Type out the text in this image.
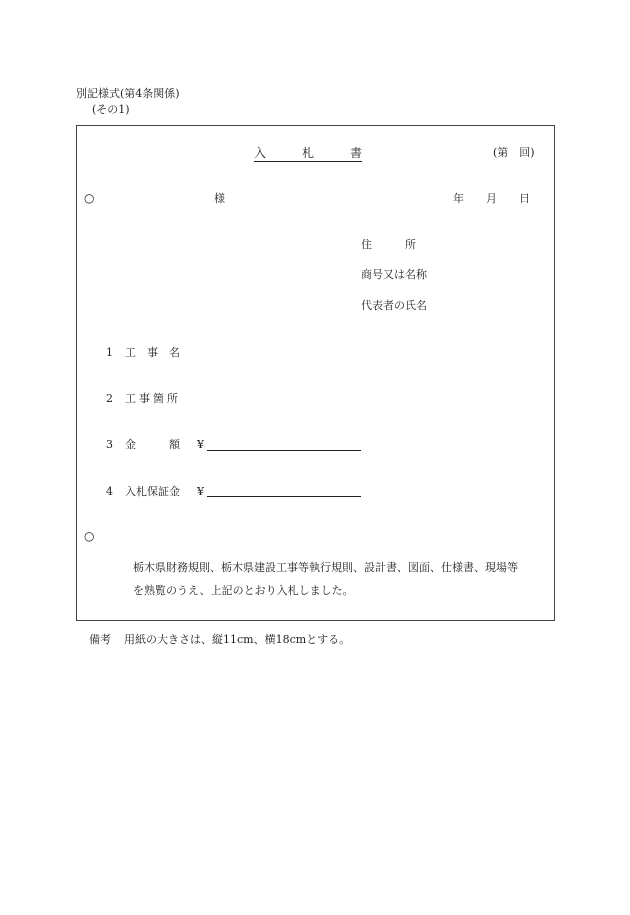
別記様式(第4条関係)
(その1)
入　　　札　　　書	(第　回)
○	様	年　　月　　日
住　　　所
商号又は名称
代表者の氏名
1 工　事　名
2 工事箇所
3 金　　　額 ¥
4 入札保証金 ¥
○
栃木県財務規則、栃木県建設工事等執行規則、設計書、図面、仕様書、現場等
を熟覧のうえ、上記のとおり入札しました。
備考 用紙の大きさは、縦11cm、横18cmとする。
